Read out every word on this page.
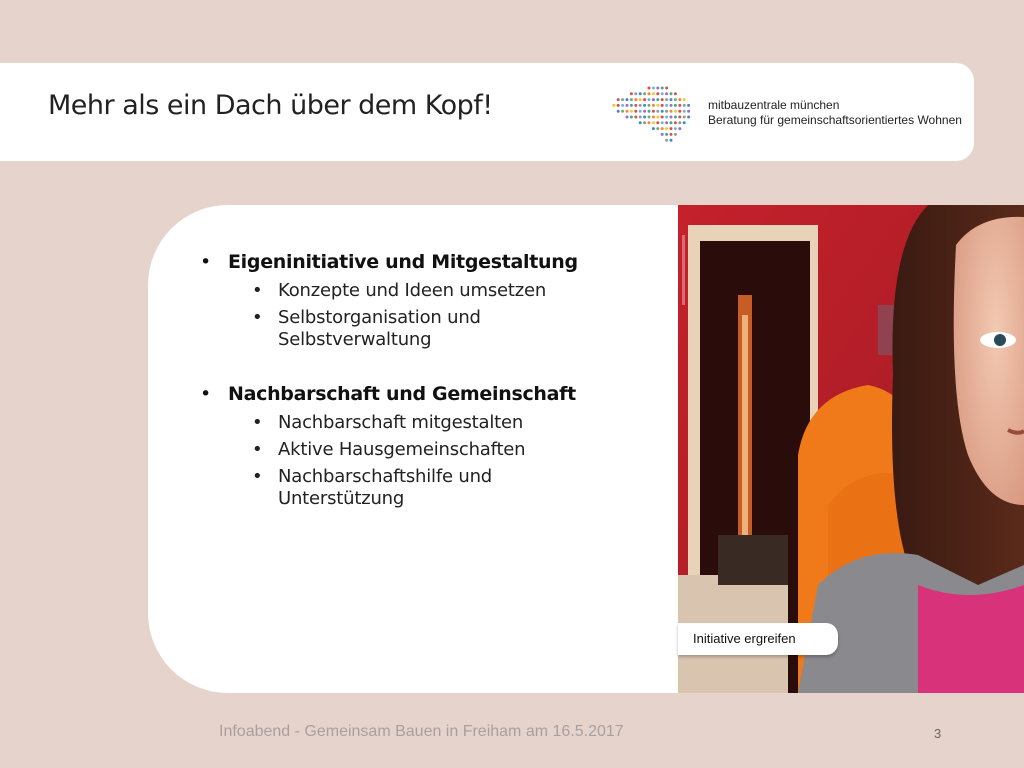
Mehr als ein Dach über dem Kopf!	mitbauzentrale münchen
Beratung für gemeinschaftsorientiertes Wohnen
• Eigeninitiative und Mitgestaltung
• Konzepte und Ideen umsetzen
• Selbstorganisation und Selbstverwaltung
• Nachbarschaft und Gemeinschaft
• Nachbarschaft mitgestalten
• Aktive Hausgemeinschaften
• Nachbarschaftshilfe und Unterstützung
Initiative ergreifen
Infoabend - Gemeinsam Bauen in Freiham am 16.5.2017	3
